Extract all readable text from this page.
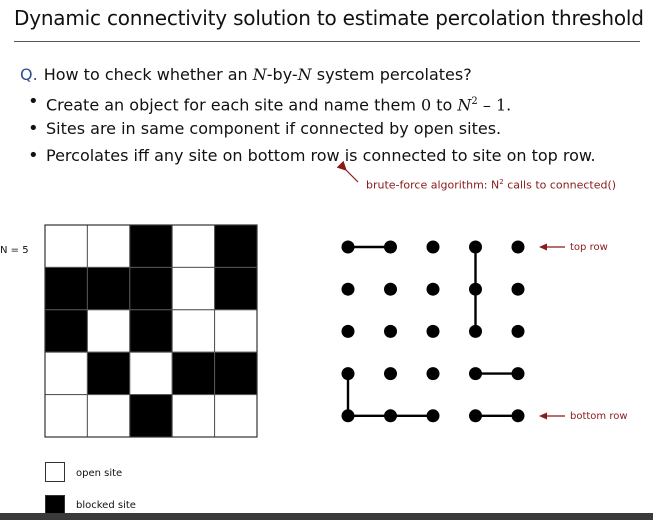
Dynamic connectivity solution to estimate percolation threshold
Q. How to check whether an N-by-N system percolates?
• Create an object for each site and name them 0 to $N^2 - 1$.
• Sites are in same component if connected by open sites.
• Percolates iff any site on bottom row is connected to site on top row.
brute-force algorithm: $N^2$ calls to connected()
N = 5	top row
bottom row
open site
blocked site
